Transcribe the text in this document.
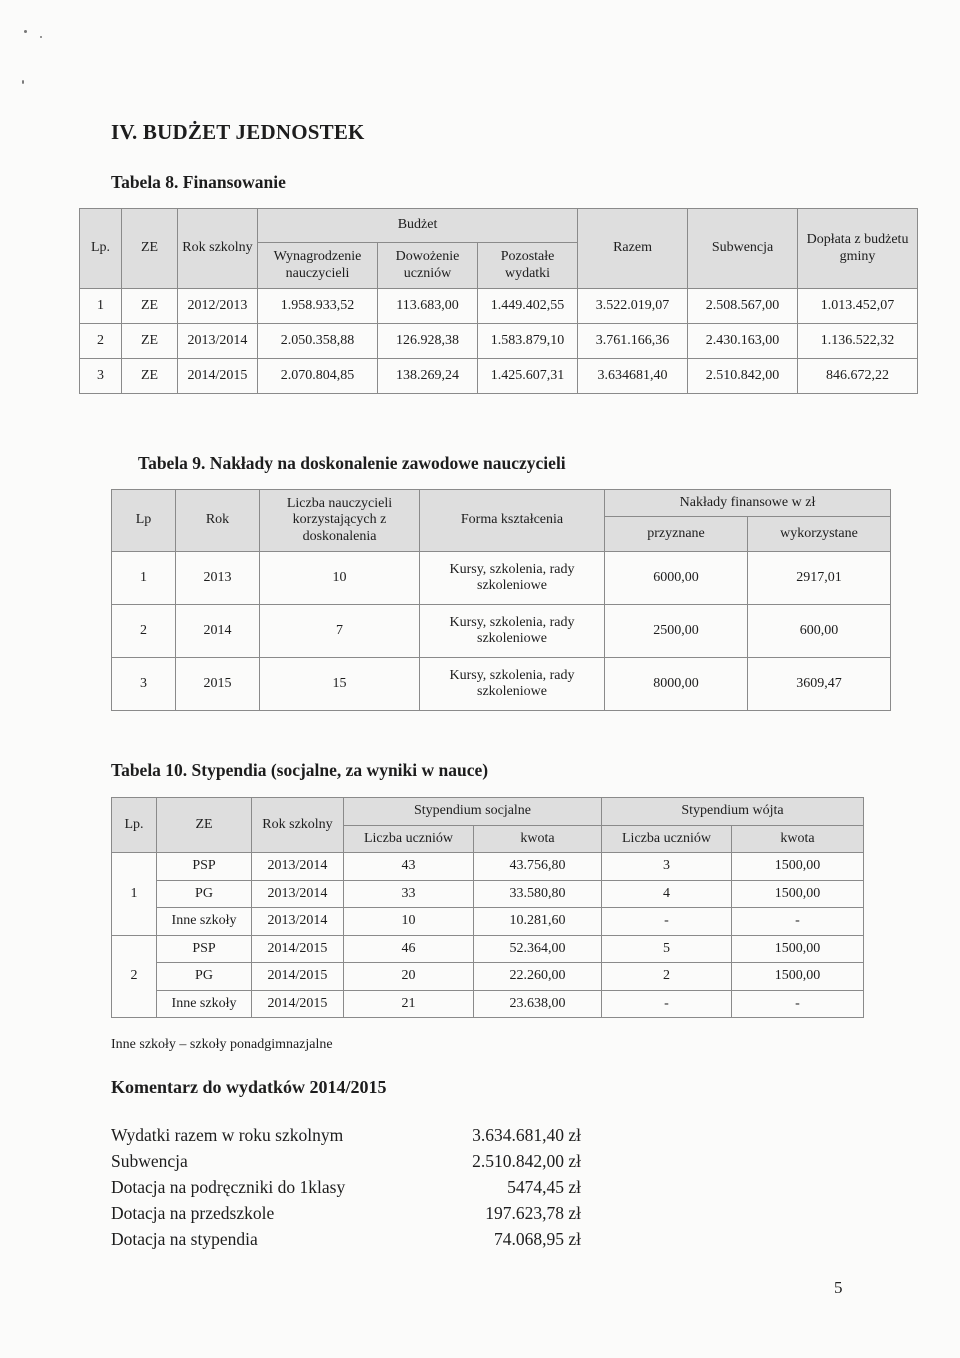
IV. BUDŻET JEDNOSTEK
Tabela 8. Finansowanie
Lp.	ZE	Rok szkolny	Budżet			Razem	Subwencja	Dopłata z budżetu gminy
			Wynagrodzenie nauczycieli	Dowożenie uczniów	Pozostałe wydatki			
1	ZE	2012/2013	1.958.933,52	113.683,00	1.449.402,55	3.522.019,07	2.508.567,00	1.013.452,07
2	ZE	2013/2014	2.050.358,88	126.928,38	1.583.879,10	3.761.166,36	2.430.163,00	1.136.522,32
3	ZE	2014/2015	2.070.804,85	138.269,24	1.425.607,31	3.634681,40	2.510.842,00	846.672,22
Tabela 9. Nakłady na doskonalenie zawodowe nauczycieli
Lp	Rok	Liczba nauczycieli korzystających z doskonalenia	Forma kształcenia	Nakłady finansowe w zł	
				przyznane	wykorzystane
1	2013	10	Kursy, szkolenia, rady szkoleniowe	6000,00	2917,01
2	2014	7	Kursy, szkolenia, rady szkoleniowe	2500,00	600,00
3	2015	15	Kursy, szkolenia, rady szkoleniowe	8000,00	3609,47
Tabela 10. Stypendia (socjalne, za wyniki w nauce)
Lp.	ZE	Rok szkolny	Stypendium socjalne		Stypendium wójta	
			Liczba uczniów	kwota	Liczba uczniów	kwota
1	PSP	2013/2014	43	43.756,80	3	1500,00
	PG	2013/2014	33	33.580,80	4	1500,00
	Inne szkoły	2013/2014	10	10.281,60	-	-
2	PSP	2014/2015	46	52.364,00	5	1500,00
	PG	2014/2015	20	22.260,00	2	1500,00
	Inne szkoły	2014/2015	21	23.638,00	-	-
Inne szkoły – szkoły ponadgimnazjalne
Komentarz do wydatków 2014/2015
Wydatki razem w roku szkolnym	3.634.681,40 zł
Subwencja	2.510.842,00 zł
Dotacja na podręczniki do 1klasy	5474,45 zł
Dotacja na przedszkole	197.623,78 zł
Dotacja na stypendia	74.068,95 zł
5
